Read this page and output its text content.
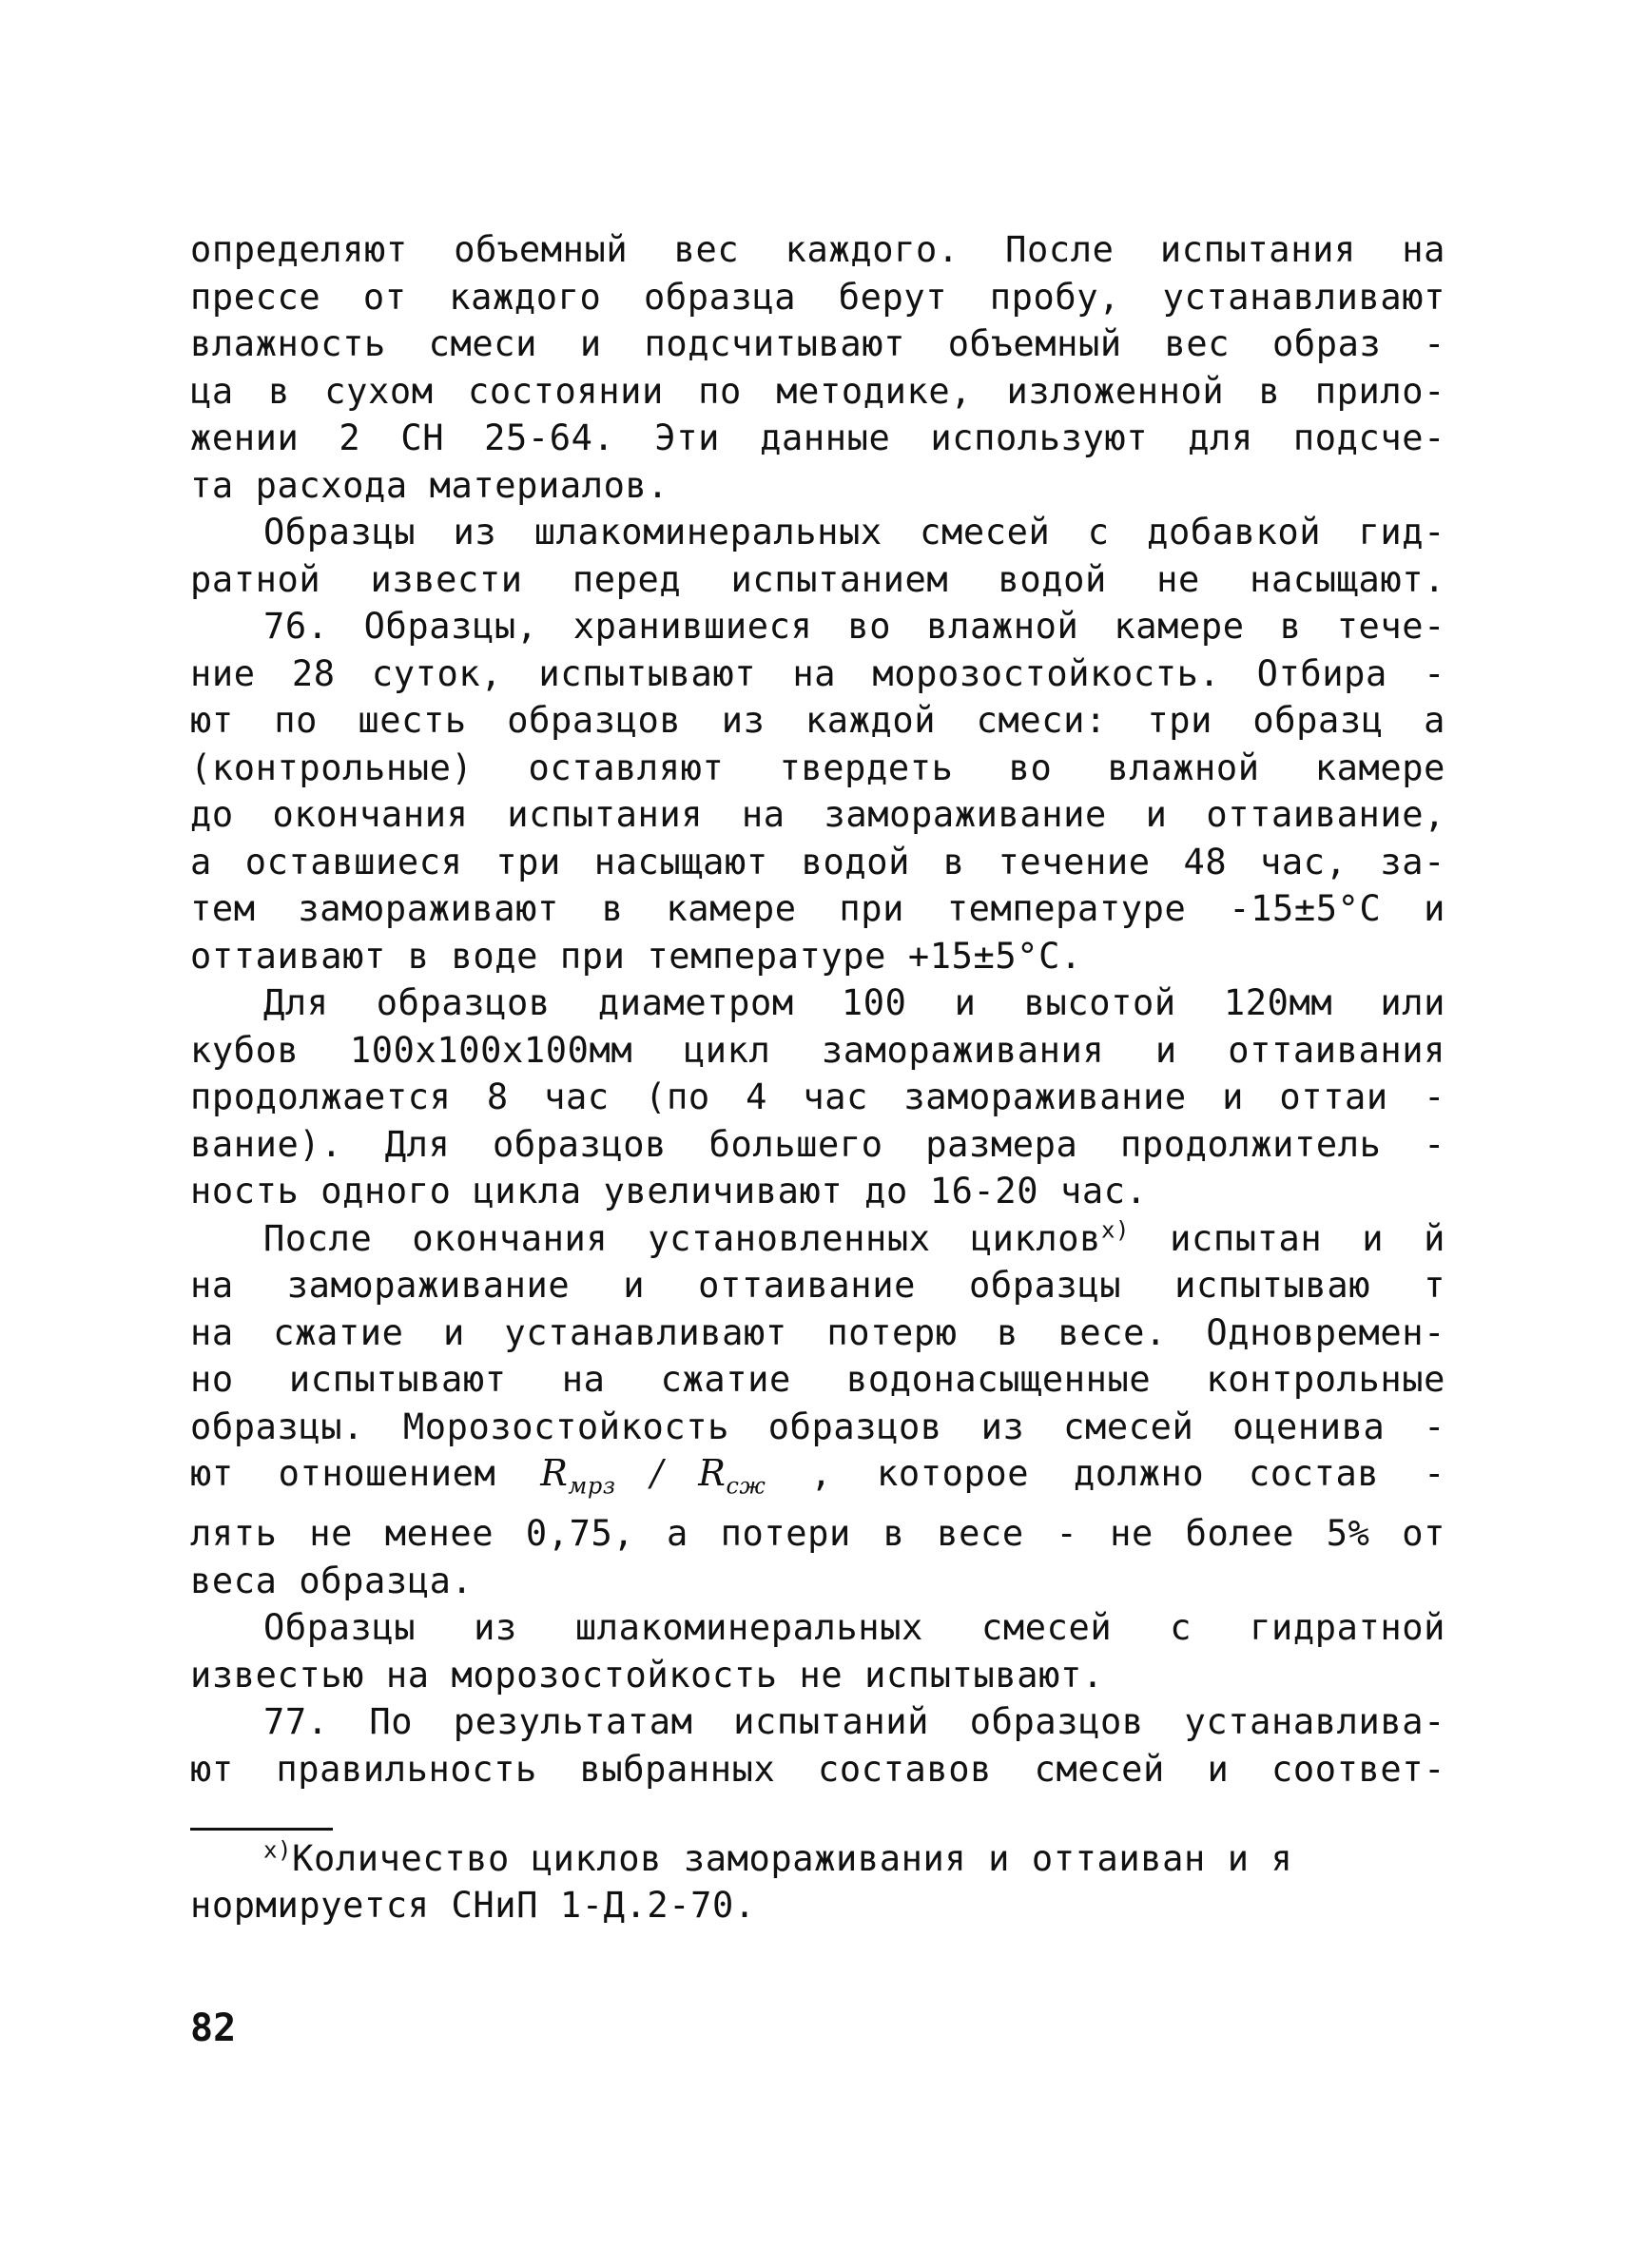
определяют объемный вес каждого. После испытания на
прессе от каждого образца берут пробу, устанавливают
влажность смеси и подсчитывают объемный вес образ -
ца в сухом состоянии по методике, изложенной в прило-
жении 2 СН 25-64. Эти данные используют для подсче-
та расхода материалов.

Образцы из шлакоминеральных смесей с добавкой гид-
ратной извести перед испытанием водой не насыщают.

76. Образцы, хранившиеся во влажной камере в тече-
ние 28 суток, испытывают на морозостойкость. Отбира -
ют по шесть образцов из каждой смеси: три образц а
(контрольные) оставляют твердеть во влажной камере
до окончания испытания на замораживание и оттаивание,
а оставшиеся три насыщают водой в течение 48 час, за-
тем замораживают в камере при температуре -15±5°С и
оттаивают в воде при температуре +15±5°С.

Для образцов диаметром 100 и высотой 120мм или
кубов 100х100х100мм цикл замораживания и оттаивания
продолжается 8 час (по 4 час замораживание и оттаи -
вание). Для образцов большего размера продолжитель -
ность одного цикла увеличивают до 16-20 час.

После окончания установленных циклов$^{х)}$ испытан и й
на замораживание и оттаивание образцы испытываю т
на сжатие и устанавливают потерю в весе. Одновремен-
но испытывают на сжатие водонасыщенные контрольные
образцы. Морозостойкость образцов из смесей оценива -
ют отношением $R_{мрз} / R_{сж}$ , которое должно состав -
лять не менее 0,75, а потери в весе - не более 5% от
веса образца.

Образцы из шлакоминеральных смесей с гидратной
известью на морозостойкость не испытывают.

77. По результатам испытаний образцов устанавлива-
ют правильность выбранных составов смесей и соответ-

$^{х)}$Количество циклов замораживания и оттаиван и я
нормируется СНиП 1-Д.2-70.
82
